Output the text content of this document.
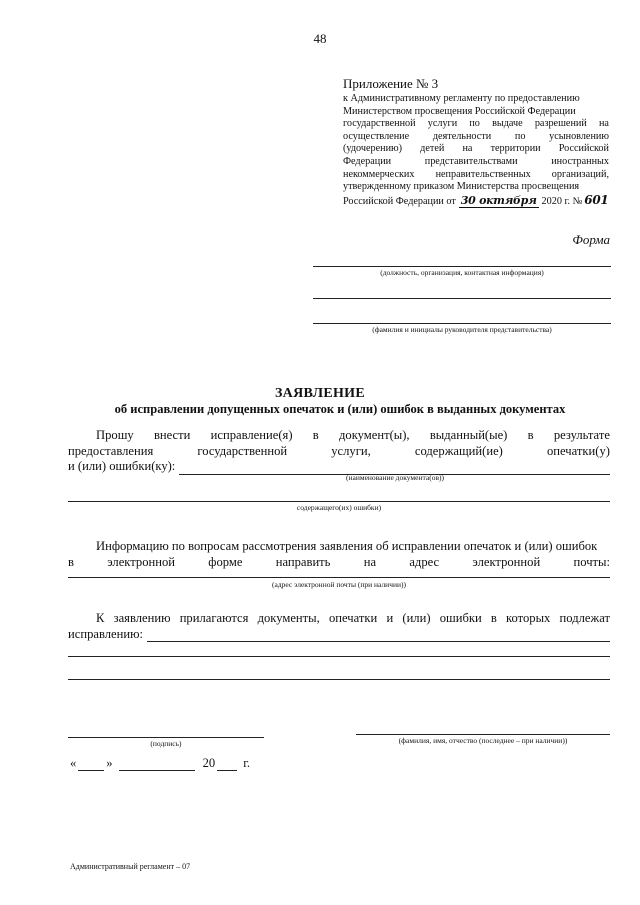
48
Приложение № 3
к Административному регламенту по предоставлению
Министерством просвещения Российской Федерации
государственной услуги по выдаче разрешений на
осуществление деятельности по усыновлению
(удочерению) детей на территории Российской
Федерации	представительствами	иностранных
некоммерческих неправительственных организаций,
утвержденному приказом Министерства просвещения
Российской Федерации от 30 октября 2020 г. № 601
Форма
(должность, организация, контактная информация)
(фамилия и инициалы руководителя представительства)
ЗАЯВЛЕНИЕ
об исправлении допущенных опечаток и (или) ошибок в выданных документах
Прошу внести исправление(я) в документ(ы), выданный(ые) в результате
предоставления	государственной	услуги,	содержащий(ие)	опечатки(у)
и (или) ошибки(ку):
(наименование документа(ов))
содержащего(их) ошибки)
Информацию по вопросам рассмотрения заявления об исправлении опечаток и (или) ошибок
в	электронной	форме	направить	на	адрес	электронной	почты:
(адрес электронной почты (при наличии))
К заявлению прилагаются документы, опечатки и (или) ошибки в которых подлежат
исправлению:
(подпись)	(фамилия, имя, отчество (последнее – при наличии))
« »	20 г.
Административный регламент – 07
